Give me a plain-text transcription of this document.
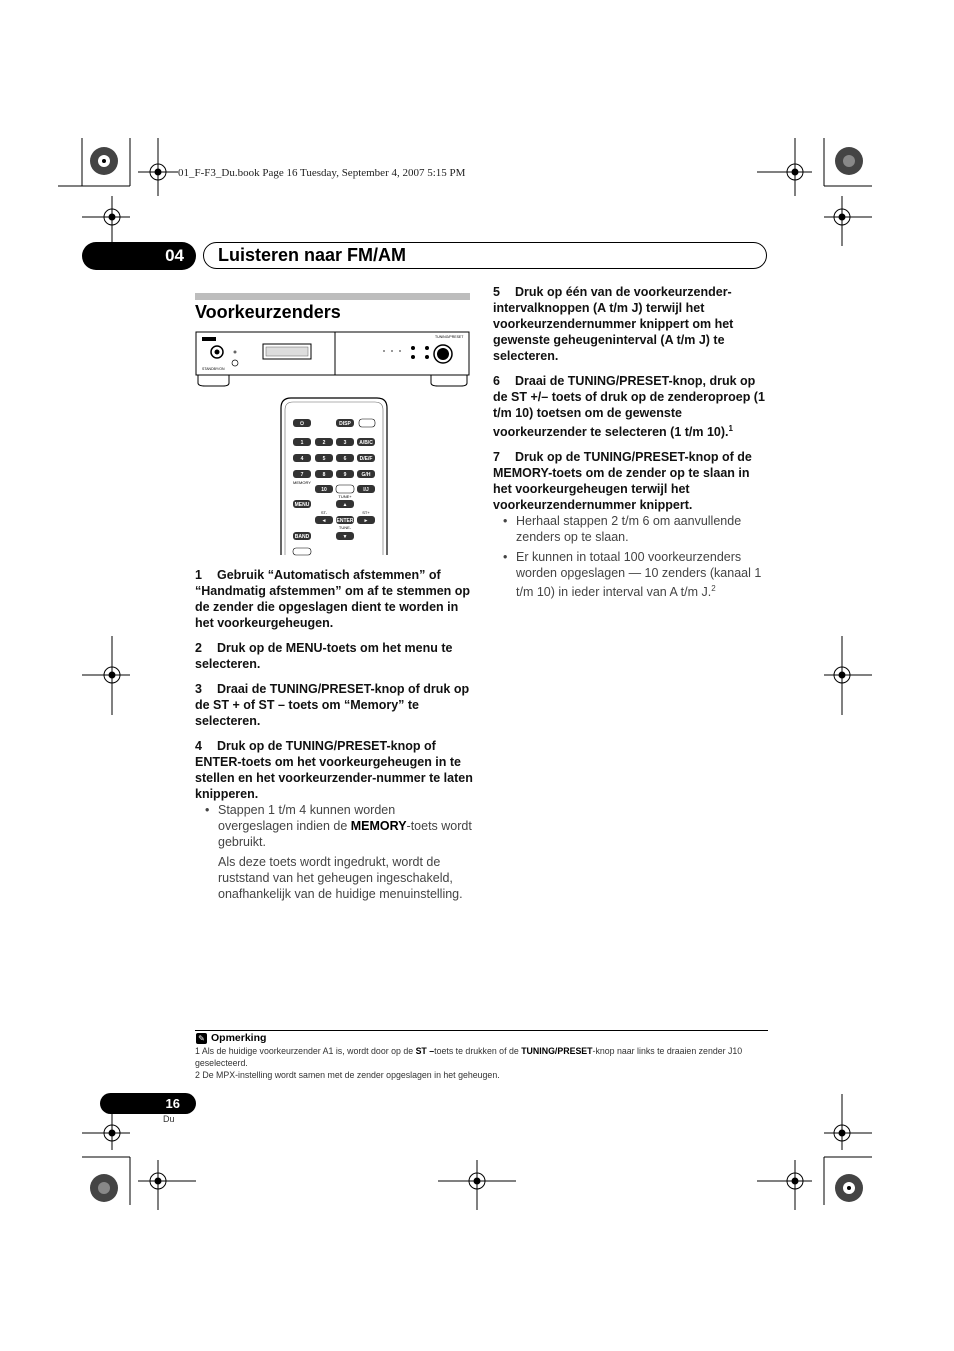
01_F-F3_Du.book Page 16 Tuesday, September 4, 2007 5:15 PM
04	Luisteren naar FM/AM
Voorkeurzenders
STANDBY/ON
TUNING/PRESET
⏻	DISP
1	2	3	A/B/C
4	5	6	D/E/F
7	8	9	G/H
10	I/J
MENU	▲
◄ ENTER ►
BAND	▼
MEMORY
TUNE+
ST-	ST+
TUNE-

1 Gebruik “Automatisch afstemmen” of “Handmatig afstemmen” om af te stemmen op de zender die opgeslagen dient te worden in het voorkeurgeheugen.

2 Druk op de MENU-toets om het menu te selecteren.

3 Draai de TUNING/PRESET-knop of druk op de ST + of ST – toets om “Memory” te selecteren.

4 Druk op de TUNING/PRESET-knop of ENTER-toets om het voorkeurgeheugen in te stellen en het voorkeurzender-nummer te laten knipperen.

• Stappen 1 t/m 4 kunnen worden overgeslagen indien de MEMORY-toets wordt gebruikt.

Als deze toets wordt ingedrukt, wordt de ruststand van het geheugen ingeschakeld, onafhankelijk van de huidige menuinstelling.

5 Druk op één van de voorkeurzender-intervalknoppen (A t/m J) terwijl het voorkeurzendernummer knippert om het gewenste geheugeninterval (A t/m J) te selecteren.

6 Draai de TUNING/PRESET-knop, druk op de ST +/– toets of druk op de zenderoproep (1 t/m 10) toetsen om de gewenste voorkeurzender te selecteren (1 t/m 10).$^1$

7 Druk op de TUNING/PRESET-knop of de MEMORY-toets om de zender op te slaan in het voorkeurgeheugen terwijl het voorkeurzendernummer knippert.

• Herhaal stappen 2 t/m 6 om aanvullende zenders op te slaan.

• Er kunnen in totaal 100 voorkeurzenders worden opgeslagen — 10 zenders (kanaal 1 t/m 10) in ieder interval van A t/m J.$^2$

✎ Opmerking
1 Als de huidige voorkeurzender A1 is, wordt door op de ST –toets te drukken of de TUNING/PRESET-knop naar links te draaien zender J10 geselecteerd.
2 De MPX-instelling wordt samen met de zender opgeslagen in het geheugen.
16
Du
